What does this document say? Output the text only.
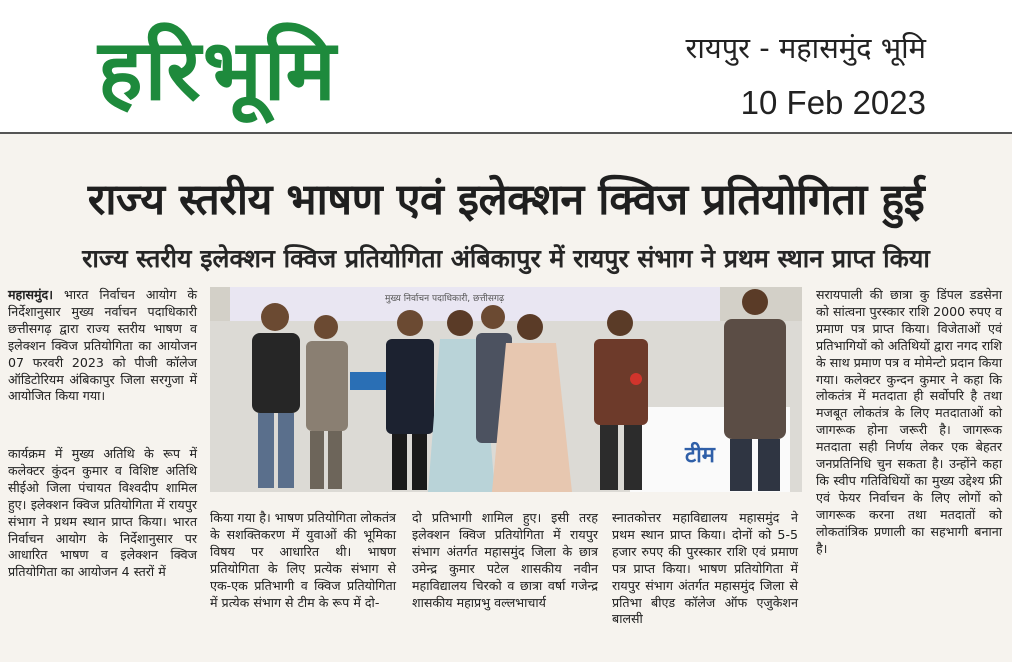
हरिभूमि	रायपुर - महासमुंद भूमि
10 Feb 2023
राज्य स्तरीय भाषण एवं इलेक्शन क्विज प्रतियोगिता हुई
राज्य स्तरीय इलेक्शन क्विज प्रतियोगिता अंबिकापुर में रायपुर संभाग ने प्रथम स्थान प्राप्त किया

महासमुंद। भारत निर्वाचन आयोग के निर्देशानुसार मुख्य नर्वाचन पदाधिकारी छत्तीसगढ़ द्वारा राज्य स्तरीय भाषण व इलेक्शन क्विज प्रतियोगिता का आयोजन 07 फरवरी 2023 को पीजी कॉलेज ऑडिटोरियम अंबिकापुर जिला सरगुजा में आयोजित किया गया।

कार्यक्रम में मुख्य अतिथि के रूप में कलेक्टर कुंदन कुमार व विशिष्ट अतिथि सीईओ जिला पंचायत विश्वदीप शामिल हुए। इलेक्शन क्विज प्रतियोगिता में रायपुर संभाग ने प्रथम स्थान प्राप्त किया। भारत निर्वाचन आयोग के निर्देशानुसार पर आधारित भाषण व इलेक्शन क्विज प्रतियोगिता का आयोजन 4 स्तरों में

मुख्य निर्वाचन पदाधिकारी, छत्तीसगढ़
टीम

किया गया है। भाषण प्रतियोगिता लोकतंत्र के सशक्तिकरण में युवाओं की भूमिका विषय पर आधारित थी। भाषण प्रतियोगिता के लिए प्रत्येक संभाग से एक-एक प्रतिभागी व क्विज प्रतियोगिता में प्रत्येक संभाग से टीम के रूप में दो-

दो प्रतिभागी शामिल हुए। इसी तरह इलेक्शन क्विज प्रतियोगिता में रायपुर संभाग अंतर्गत महासमुंद जिला के छात्र उमेन्द्र कुमार पटेल शासकीय नवीन महाविद्यालय चिरको व छात्रा वर्षा गजेन्द्र शासकीय महाप्रभु वल्लभाचार्य

स्नातकोत्तर महाविद्यालय महासमुंद ने प्रथम स्थान प्राप्त किया। दोनों को 5-5 हजार रुपए की पुरस्कार राशि एवं प्रमाण पत्र प्राप्त किया। भाषण प्रतियोगिता में रायपुर संभाग अंतर्गत महासमुंद जिला से प्रतिभा बीएड कॉलेज ऑफ एजुकेशन बालसी

सरायपाली की छात्रा कु डिंपल डडसेना को सांत्वना पुरस्कार राशि 2000 रुपए व प्रमाण पत्र प्राप्त किया। विजेताओं एवं प्रतिभागियों को अतिथियों द्वारा नगद राशि के साथ प्रमाण पत्र व मोमेन्टो प्रदान किया गया। कलेक्टर कुन्दन कुमार ने कहा कि लोकतंत्र में मतदाता ही सर्वोपरि है तथा मजबूत लोकतंत्र के लिए मतदाताओं को जागरूक होना जरूरी है। जागरूक मतदाता सही निर्णय लेकर एक बेहतर जनप्रतिनिधि चुन सकता है। उन्होंने कहा कि स्वीप गतिविधियों का मुख्य उद्देश्य फ्री एवं फेयर निर्वाचन के लिए लोगों को जागरूक करना तथा मतदातों को लोकतांत्रिक प्रणाली का सहभागी बनाना है।
